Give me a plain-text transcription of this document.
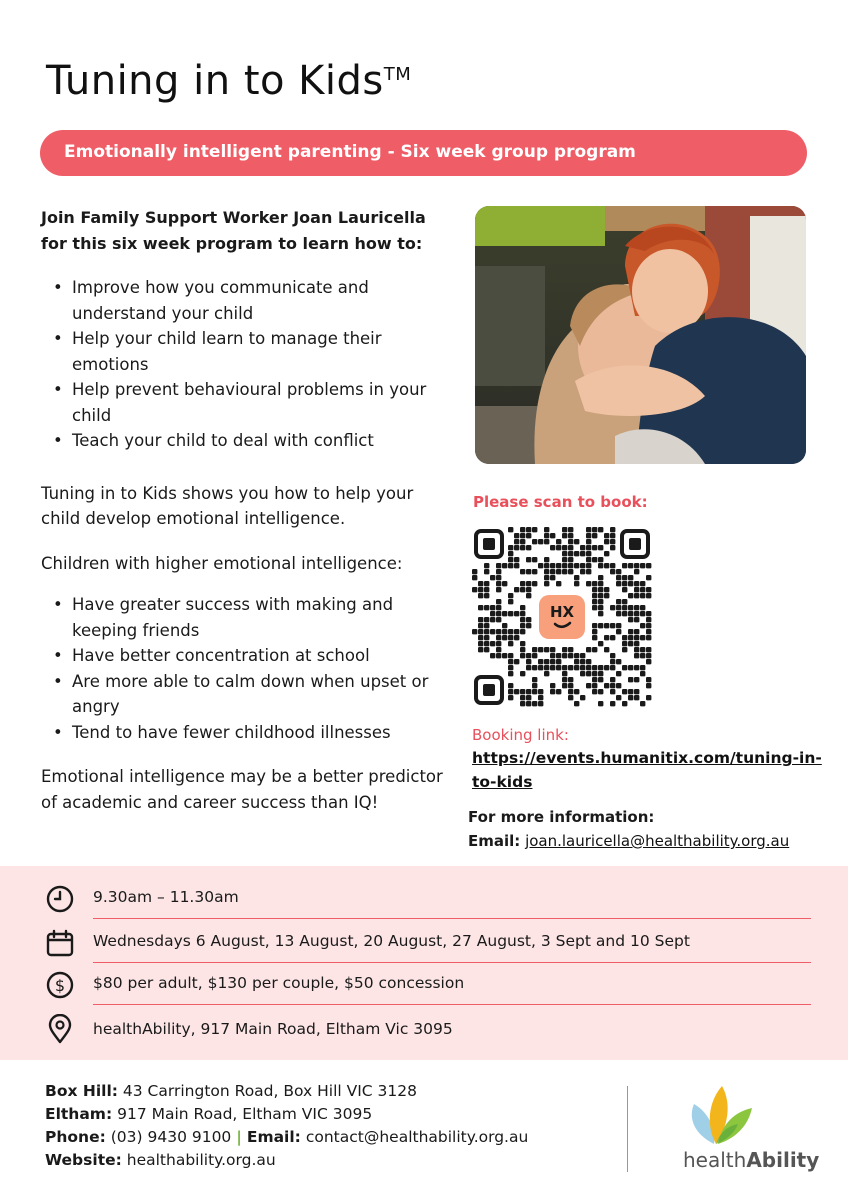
Tuning in to Kids™
Emotionally intelligent parenting - Six week group program

Join Family Support Worker Joan Lauricella for this six week program to learn how to:

• Improve how you communicate and understand your child
• Help your child learn to manage their emotions
• Help prevent behavioural problems in your child
• Teach your child to deal with conflict

Tuning in to Kids shows you how to help your child develop emotional intelligence.

Children with higher emotional intelligence:

• Have greater success with making and keeping friends
• Have better concentration at school
• Are more able to calm down when upset or angry
• Tend to have fewer childhood illnesses

Emotional intelligence may be a better predictor of academic and career success than IQ!

Please scan to book:
HX
Booking link:
https://events.humanitix.com/tuning-in-to-kids
For more information:
Email: joan.lauricella@healthability.org.au
9.30am – 11.30am
Wednesdays 6 August, 13 August, 20 August, 27 August, 3 Sept and 10 Sept
$ $80 per adult, $130 per couple, $50 concession
healthAbility, 917 Main Road, Eltham Vic 3095
Box Hill: 43 Carrington Road, Box Hill VIC 3128
Eltham: 917 Main Road, Eltham VIC 3095
Phone: (03) 9430 9100 | Email: contact@healthability.org.au
Website: healthability.org.au	healthAbility
